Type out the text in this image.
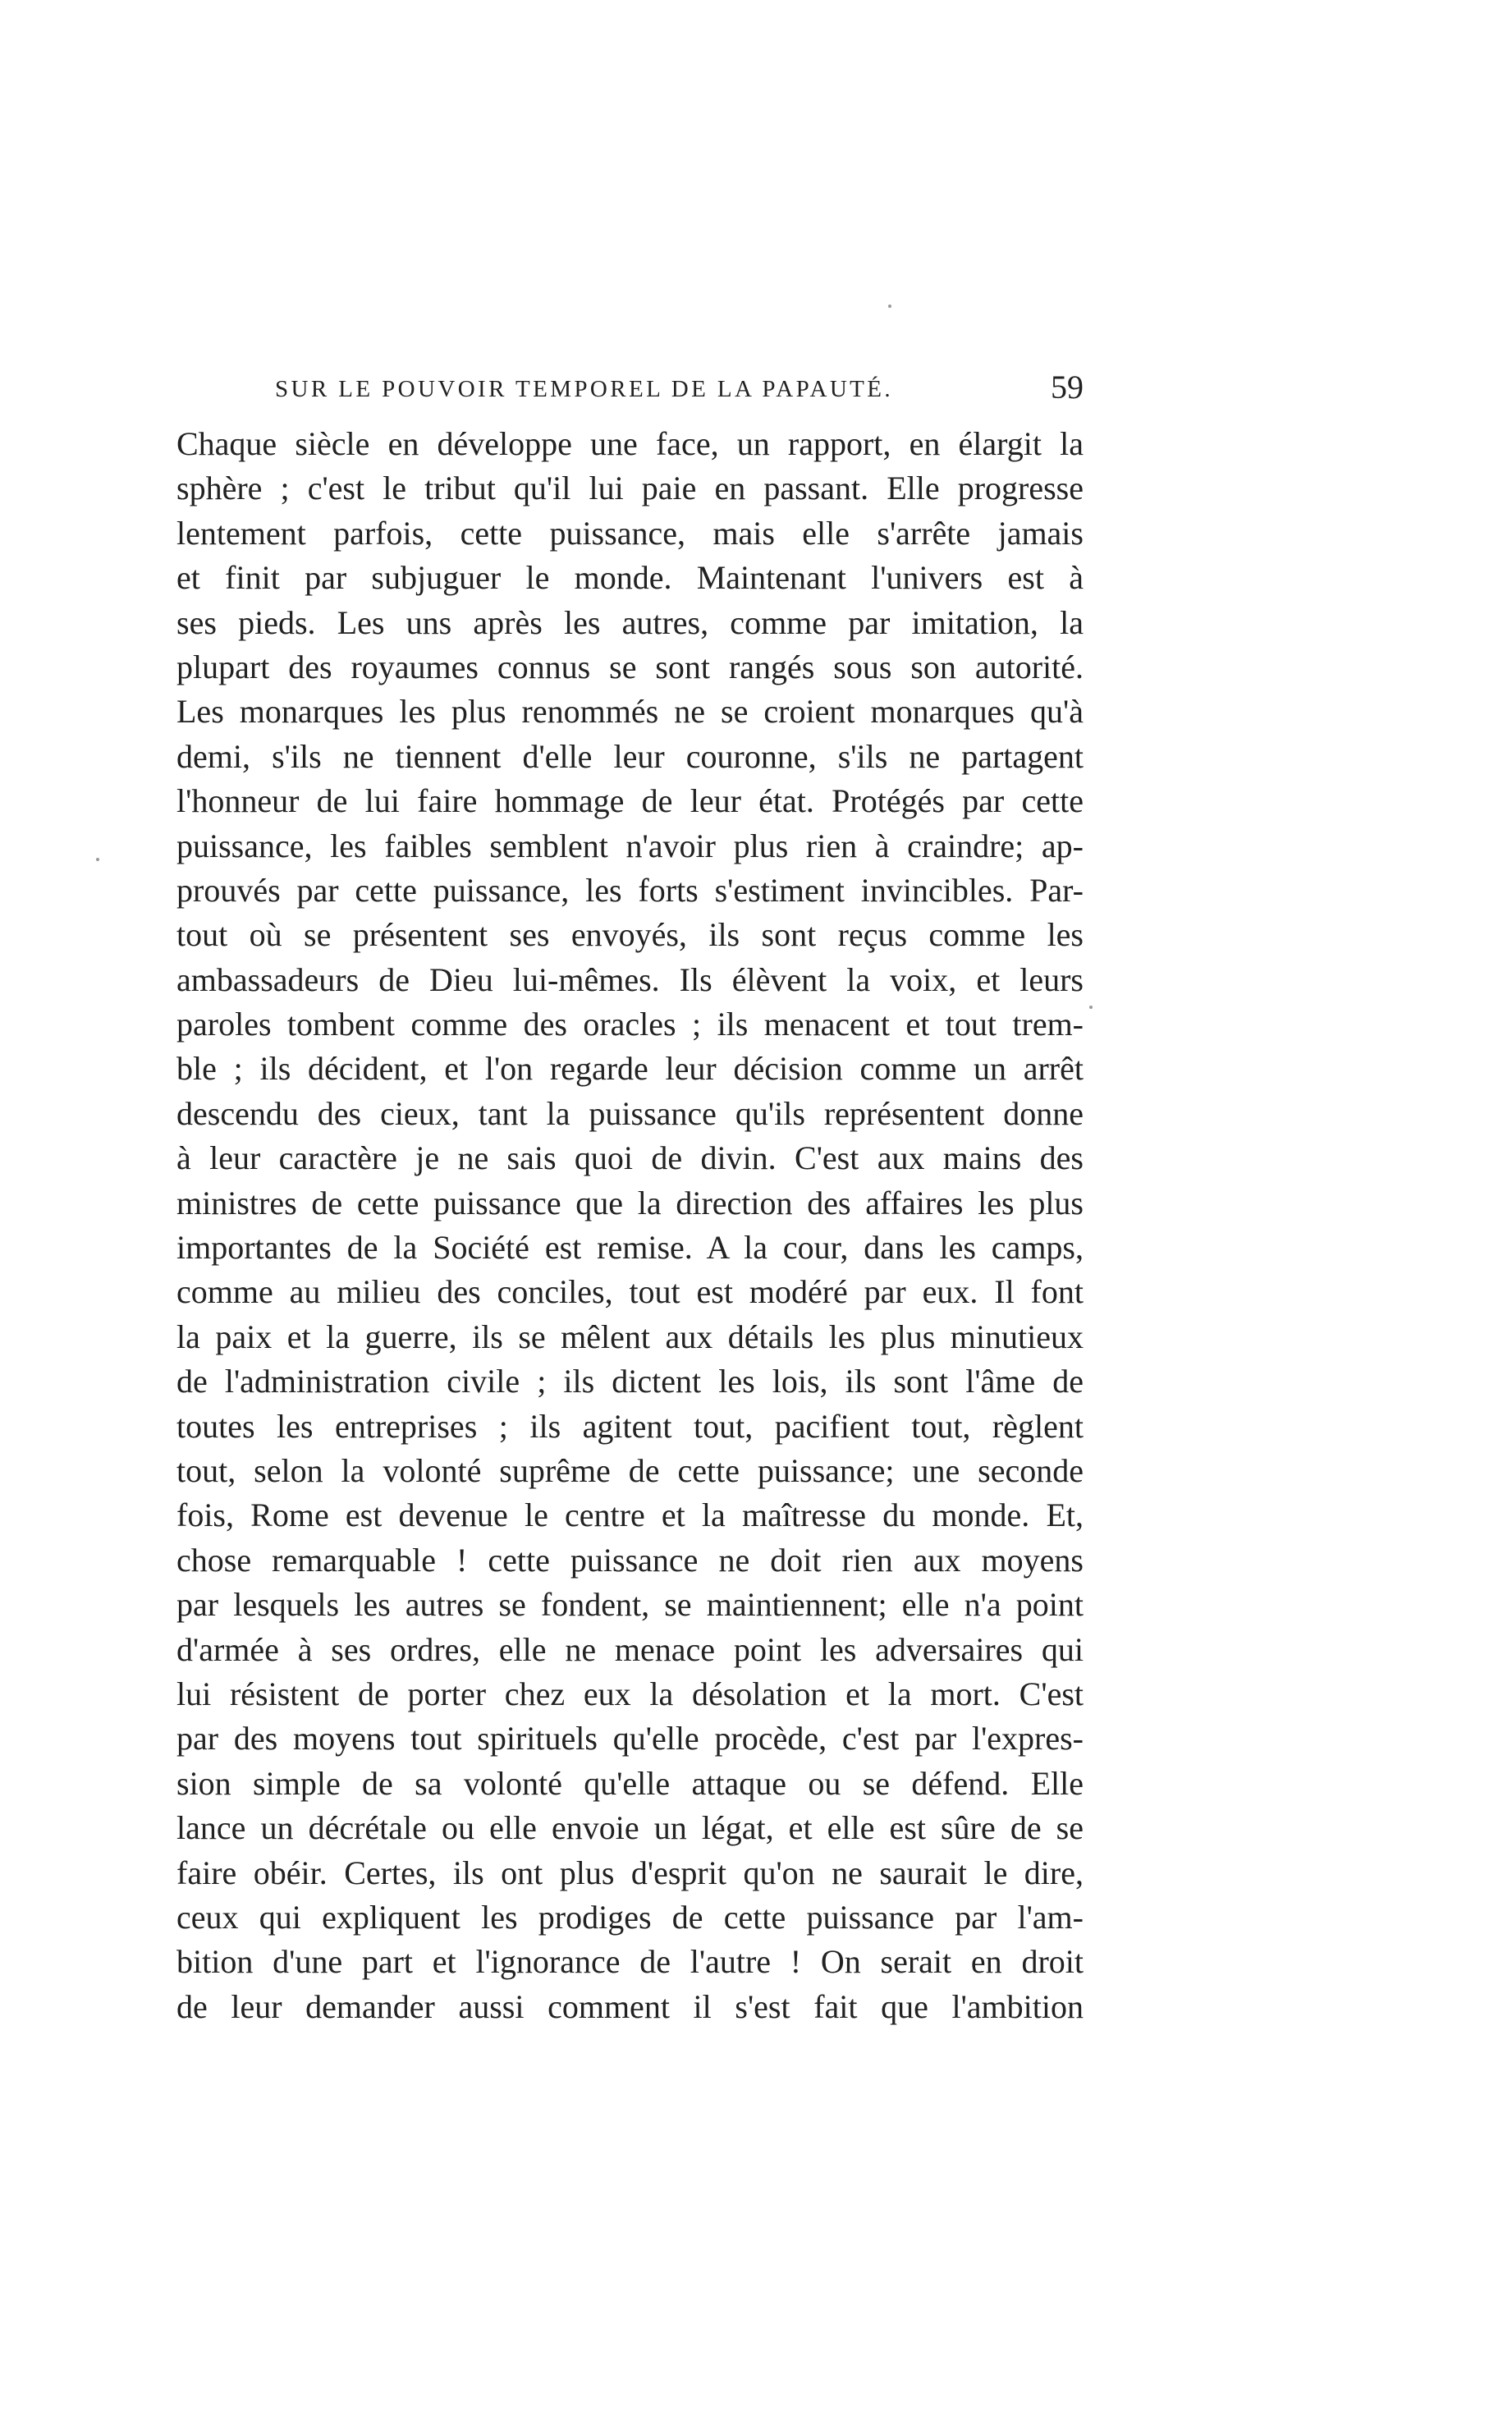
SUR LE POUVOIR TEMPOREL DE LA PAPAUTÉ.	59
Chaque siècle en développe une face, un rapport, en élargit la
sphère ; c'est le tribut qu'il lui paie en passant. Elle progresse
lentement parfois, cette puissance, mais elle s'arrête jamais
et finit par subjuguer le monde. Maintenant l'univers est à
ses pieds. Les uns après les autres, comme par imitation, la
plupart des royaumes connus se sont rangés sous son autorité.
Les monarques les plus renommés ne se croient monarques qu'à
demi, s'ils ne tiennent d'elle leur couronne, s'ils ne partagent
l'honneur de lui faire hommage de leur état. Protégés par cette
puissance, les faibles semblent n'avoir plus rien à craindre; ap-
prouvés par cette puissance, les forts s'estiment invincibles. Par-
tout où se présentent ses envoyés, ils sont reçus comme les
ambassadeurs de Dieu lui-mêmes. Ils élèvent la voix, et leurs
paroles tombent comme des oracles ; ils menacent et tout trem-
ble ; ils décident, et l'on regarde leur décision comme un arrêt
descendu des cieux, tant la puissance qu'ils représentent donne
à leur caractère je ne sais quoi de divin. C'est aux mains des
ministres de cette puissance que la direction des affaires les plus
importantes de la Société est remise. A la cour, dans les camps,
comme au milieu des conciles, tout est modéré par eux. Il font
la paix et la guerre, ils se mêlent aux détails les plus minutieux
de l'administration civile ; ils dictent les lois, ils sont l'âme de
toutes les entreprises ; ils agitent tout, pacifient tout, règlent
tout, selon la volonté suprême de cette puissance; une seconde
fois, Rome est devenue le centre et la maîtresse du monde. Et,
chose remarquable ! cette puissance ne doit rien aux moyens
par lesquels les autres se fondent, se maintiennent; elle n'a point
d'armée à ses ordres, elle ne menace point les adversaires qui
lui résistent de porter chez eux la désolation et la mort. C'est
par des moyens tout spirituels qu'elle procède, c'est par l'expres-
sion simple de sa volonté qu'elle attaque ou se défend. Elle
lance un décrétale ou elle envoie un légat, et elle est sûre de se
faire obéir. Certes, ils ont plus d'esprit qu'on ne saurait le dire,
ceux qui expliquent les prodiges de cette puissance par l'am-
bition d'une part et l'ignorance de l'autre ! On serait en droit
de leur demander aussi comment il s'est fait que l'ambition
